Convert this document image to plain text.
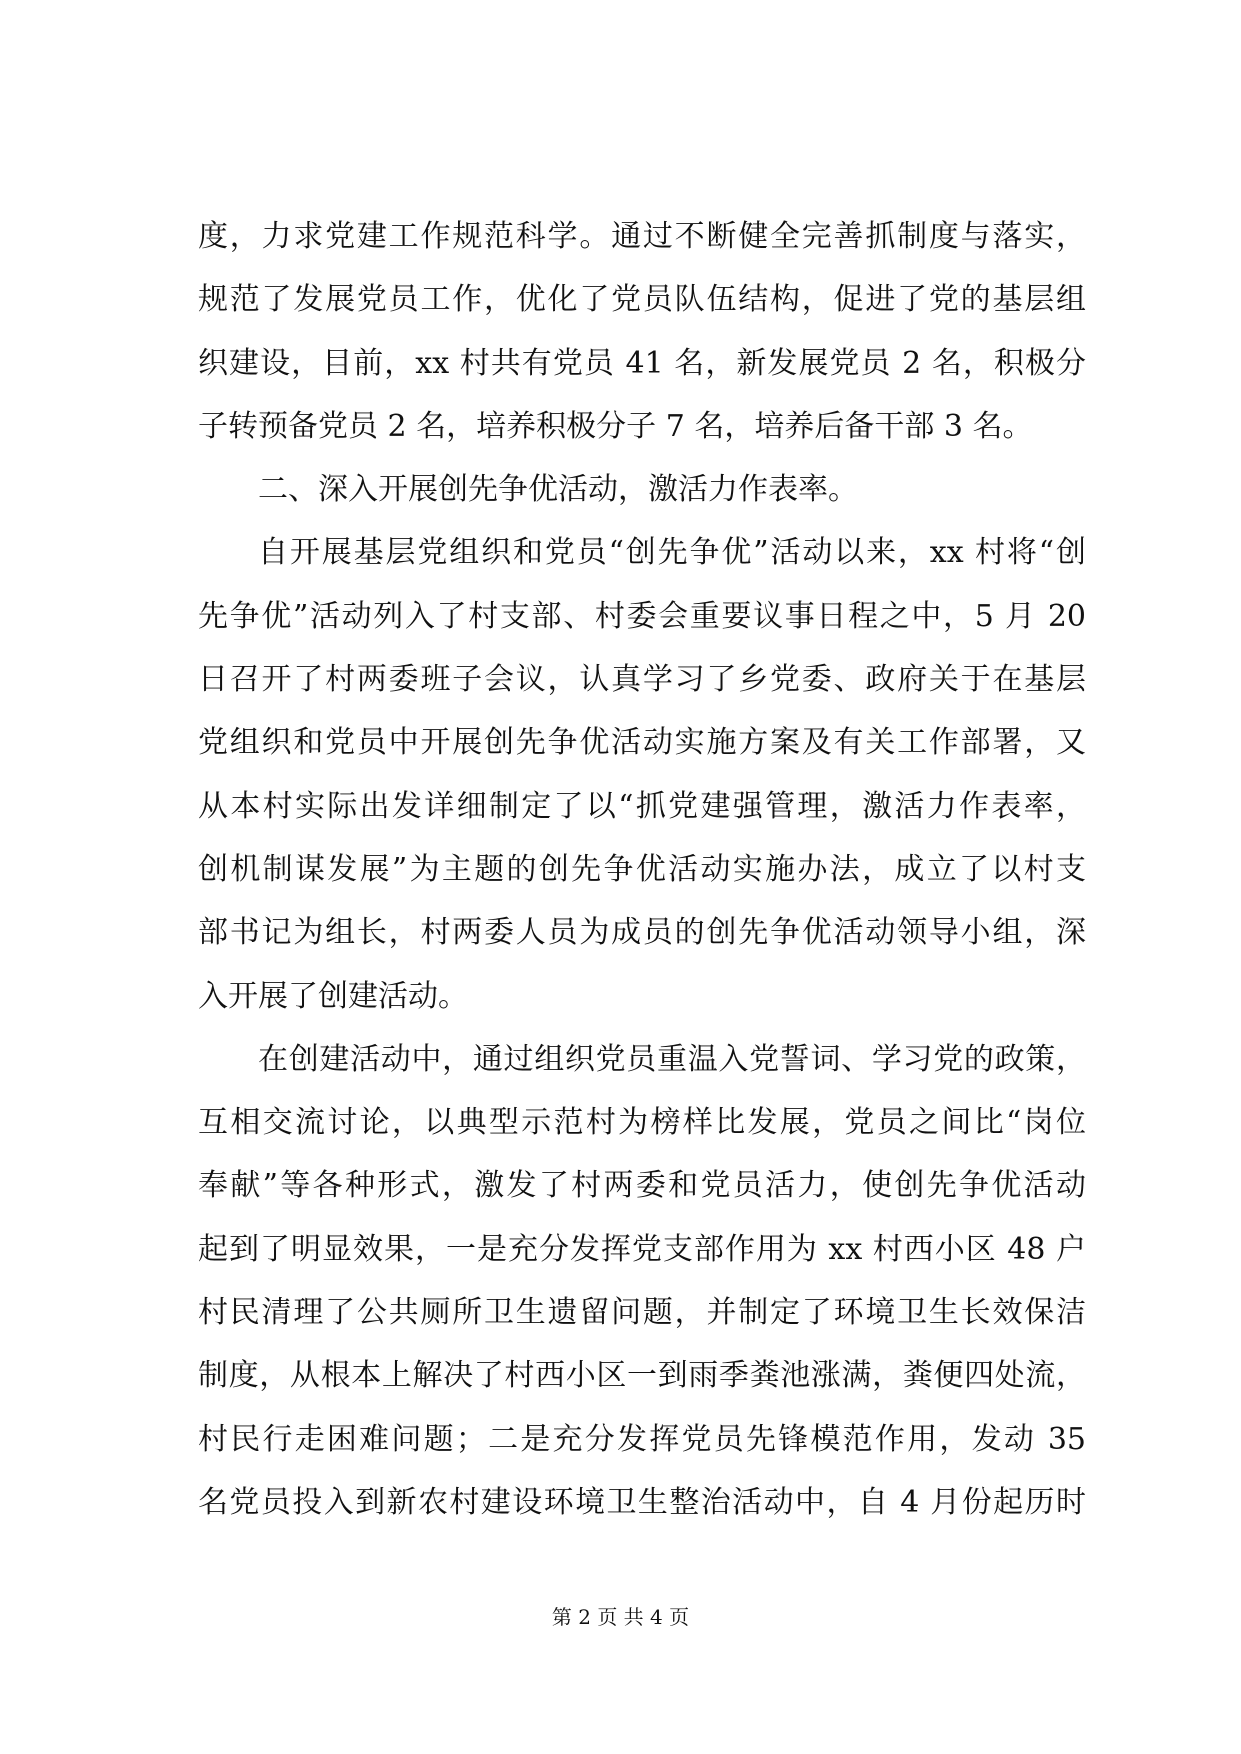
度，力求党建工作规范科学。通过不断健全完善抓制度与落实，
规范了发展党员工作，优化了党员队伍结构，促进了党的基层组
织建设，目前，xx 村共有党员 41 名，新发展党员 2 名，积极分
子转预备党员 2 名，培养积极分子 7 名，培养后备干部 3 名。
二、深入开展创先争优活动，激活力作表率。
自开展基层党组织和党员“创先争优”活动以来，xx 村将“创
先争优”活动列入了村支部、村委会重要议事日程之中，5 月 20
日召开了村两委班子会议，认真学习了乡党委、政府关于在基层
党组织和党员中开展创先争优活动实施方案及有关工作部署，又
从本村实际出发详细制定了以“抓党建强管理，激活力作表率，
创机制谋发展”为主题的创先争优活动实施办法，成立了以村支
部书记为组长，村两委人员为成员的创先争优活动领导小组，深
入开展了创建活动。
在创建活动中，通过组织党员重温入党誓词、学习党的政策，
互相交流讨论，以典型示范村为榜样比发展，党员之间比“岗位
奉献”等各种形式，激发了村两委和党员活力，使创先争优活动
起到了明显效果，一是充分发挥党支部作用为 xx 村西小区 48 户
村民清理了公共厕所卫生遗留问题，并制定了环境卫生长效保洁
制度，从根本上解决了村西小区一到雨季粪池涨满，粪便四处流，
村民行走困难问题；二是充分发挥党员先锋模范作用，发动 35
名党员投入到新农村建设环境卫生整治活动中，自 4 月份起历时
第 2 页 共 4 页
